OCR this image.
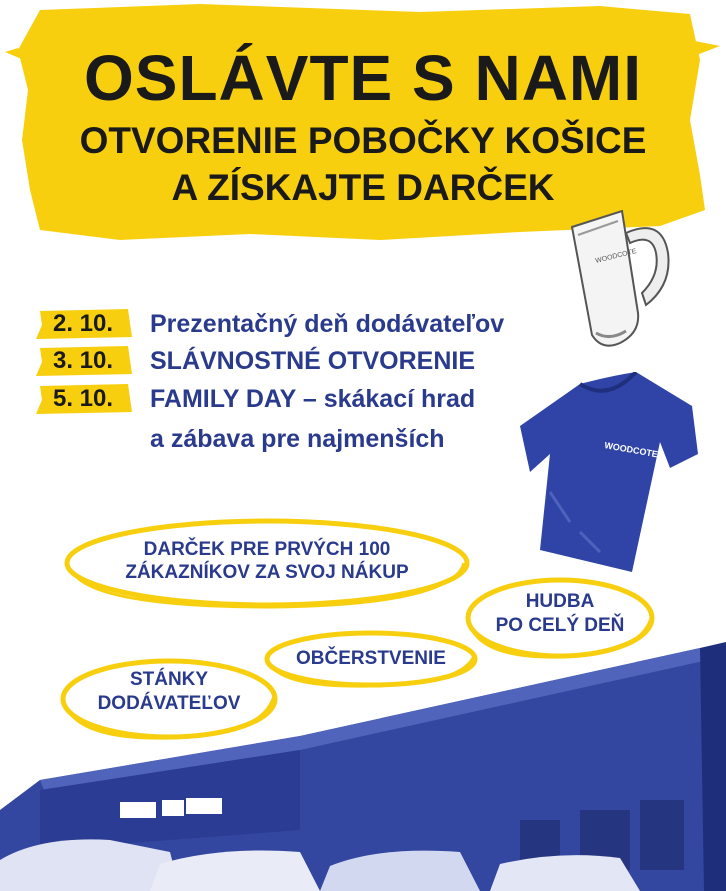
OSLÁVTE S NAMI
OTVORENIE POBOČKY KOŠICE
A ZÍSKAJTE DARČEK
WOODCOTE
2. 10.	Prezentačný deň dodávateľov
3. 10.	SLÁVNOSTNÉ OTVORENIE
5. 10.	FAMILY DAY – skákací hrad
a zábava pre najmenších	WOODCOTE
DARČEK PRE PRVÝCH 100
ZÁKAZNÍKOV ZA SVOJ NÁKUP
HUDBA
PO CELÝ DEŇ
OBČERSTVENIE
STÁNKY
DODÁVATEĽOV
